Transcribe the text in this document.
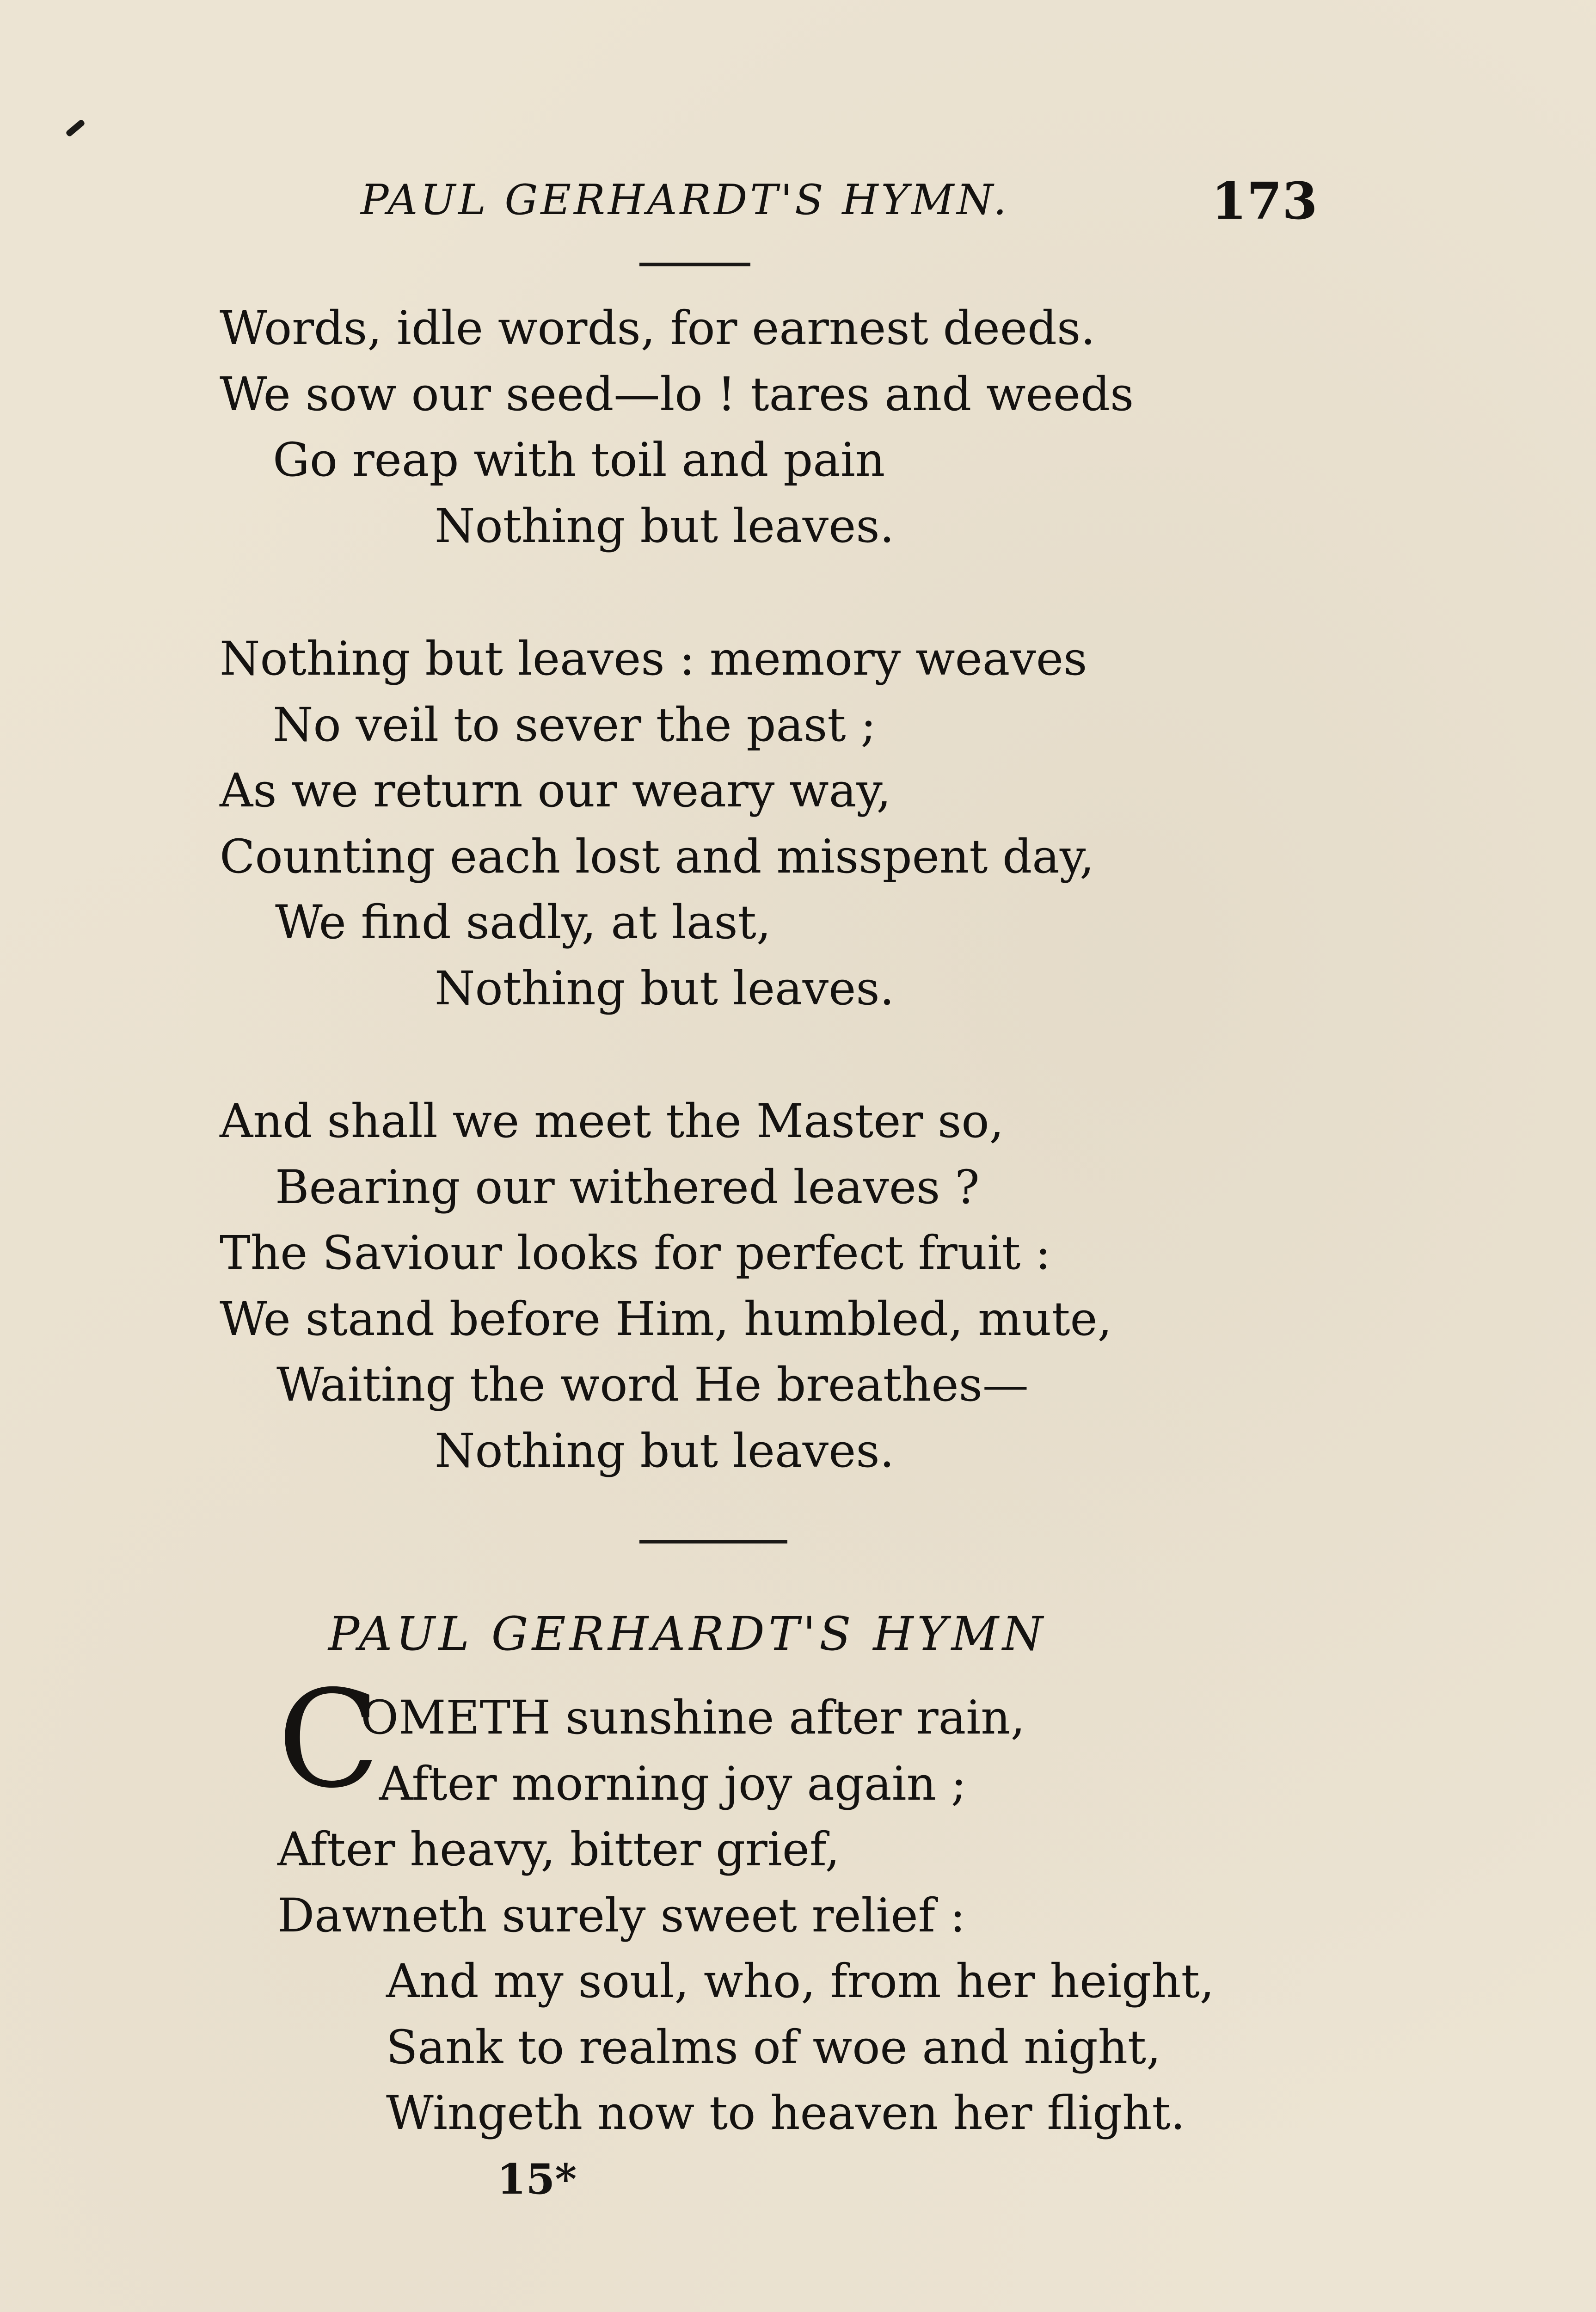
PAUL GERHARDT'S HYMN.	173
Words, idle words, for earnest deeds.
We sow our seed—lo ! tares and weeds
Go reap with toil and pain
Nothing but leaves.
Nothing but leaves : memory weaves
No veil to sever the past ;
As we return our weary way,
Counting each lost and misspent day,
We find sadly, at last,
Nothing but leaves.
And shall we meet the Master so,
Bearing our withered leaves ?
The Saviour looks for perfect fruit :
We stand before Him, humbled, mute,
Waiting the word He breathes—
Nothing but leaves.
PAUL GERHARDT'S HYMN
C
OMETH sunshine after rain,
After morning joy again ;
After heavy, bitter grief,
Dawneth surely sweet relief :
And my soul, who, from her height,
Sank to realms of woe and night,
Wingeth now to heaven her flight.
15*
